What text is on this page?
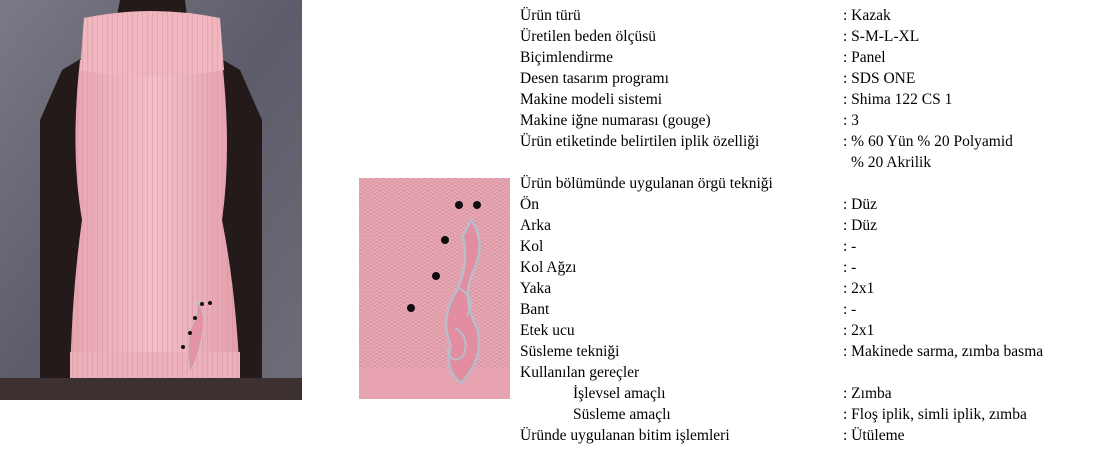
Ürün türü	: Kazak
Üretilen beden ölçüsü	: S-M-L-XL
Biçimlendirme	: Panel
Desen tasarım programı	: SDS ONE
Makine modeli sistemi	: Shima 122 CS 1
Makine iğne numarası (gouge)	: 3
Ürün etiketinde belirtilen iplik özelliği	: % 60 Yün % 20 Polyamid
% 20 Akrilik
Ürün bölümünde uygulanan örgü tekniği
Ön	: Düz
Arka	: Düz
Kol	: -
Kol Ağzı	: -
Yaka	: 2x1
Bant	: -
Etek ucu	: 2x1
Süsleme tekniği	: Makinede sarma, zımba basma
Kullanılan gereçler
İşlevsel amaçlı	: Zımba
Süsleme amaçlı	: Floş iplik, simli iplik, zımba
Üründe uygulanan bitim işlemleri	: Ütüleme
